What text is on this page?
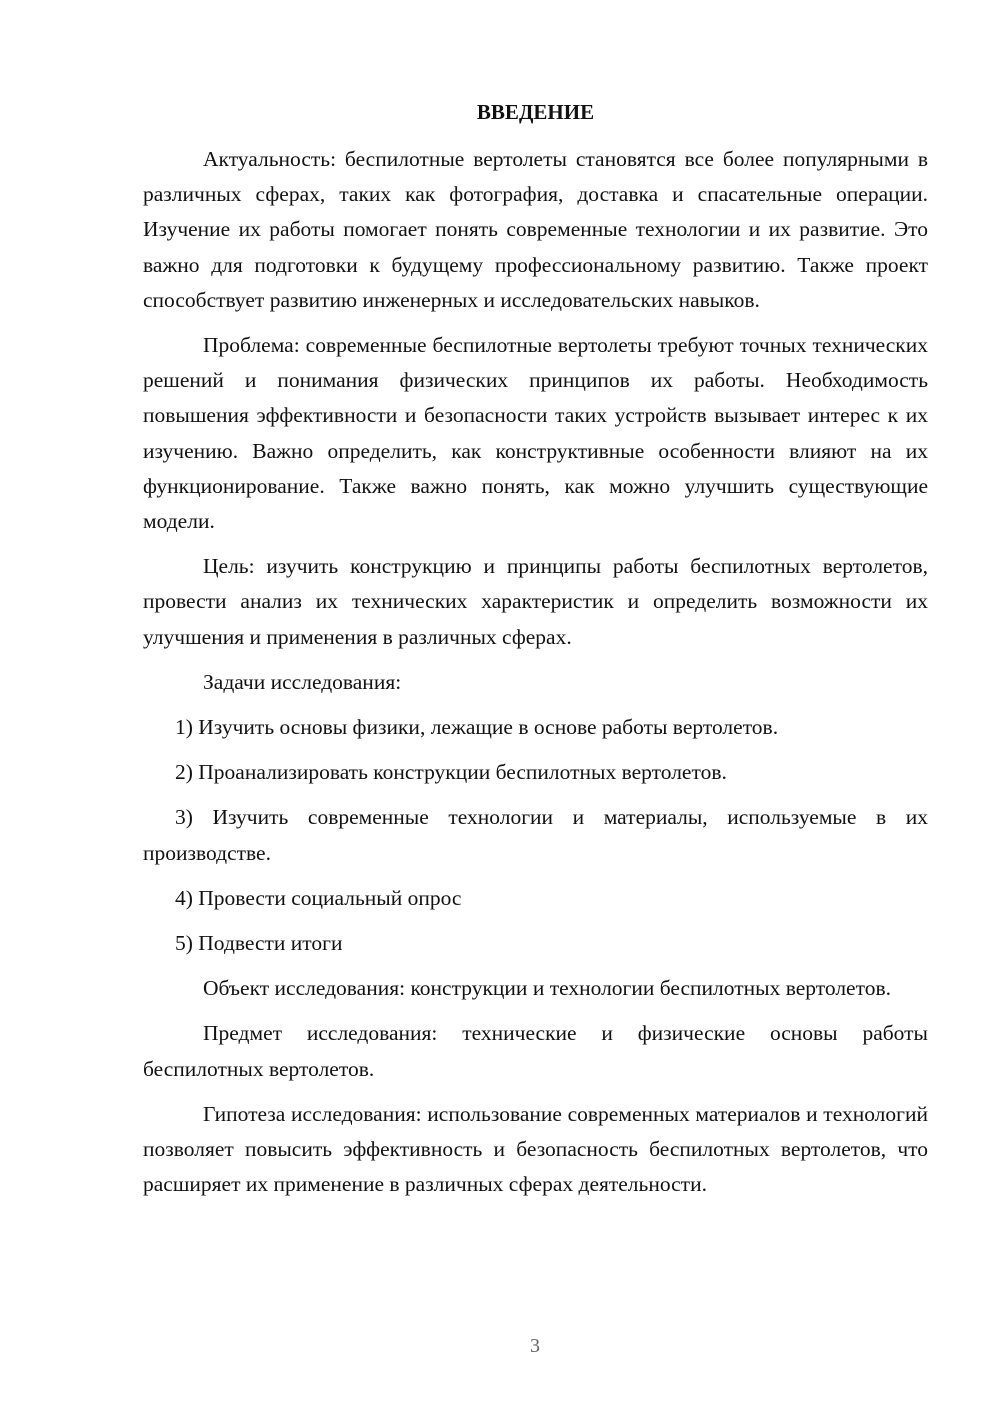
ВВЕДЕНИЕ

Актуальность: беспилотные вертолеты становятся все более популярными в различных сферах, таких как фотография, доставка и спасательные операции. Изучение их работы помогает понять современные технологии и их развитие. Это важно для подготовки к будущему профессиональному развитию. Также проект способствует развитию инженерных и исследовательских навыков.

Проблема: современные беспилотные вертолеты требуют точных технических решений и понимания физических принципов их работы. Необходимость повышения эффективности и безопасности таких устройств вызывает интерес к их изучению. Важно определить, как конструктивные особенности влияют на их функционирование. Также важно понять, как можно улучшить существующие модели.

Цель: изучить конструкцию и принципы работы беспилотных вертолетов, провести анализ их технических характеристик и определить возможности их улучшения и применения в различных сферах.

Задачи исследования:

1) Изучить основы физики, лежащие в основе работы вертолетов.

2) Проанализировать конструкции беспилотных вертолетов.

3) Изучить современные технологии и материалы, используемые в их производстве.

4) Провести социальный опрос

5) Подвести итоги

Объект исследования: конструкции и технологии беспилотных вертолетов.

Предмет исследования: технические и физические основы работы беспилотных вертолетов.

Гипотеза исследования: использование современных материалов и технологий позволяет повысить эффективность и безопасность беспилотных вертолетов, что расширяет их применение в различных сферах деятельности.

3
